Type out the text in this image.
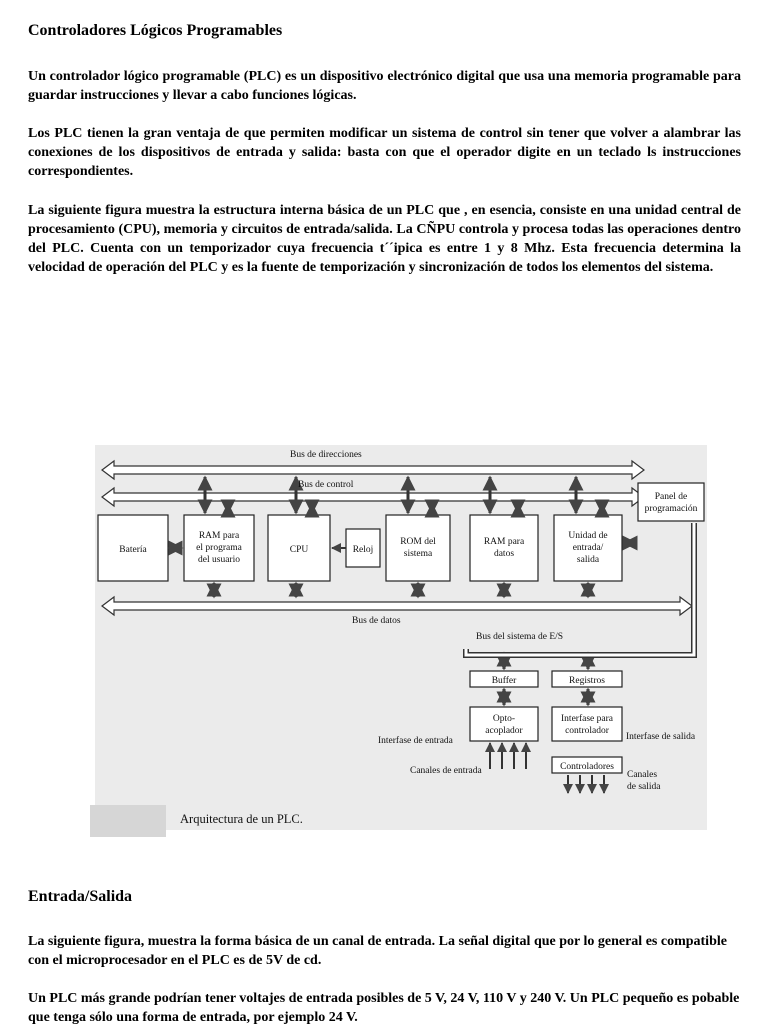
Controladores Lógicos Programables

Un controlador lógico programable (PLC) es un dispositivo electrónico digital que usa una memoria programable para guardar instrucciones y llevar a cabo funciones lógicas.

Los PLC tienen la gran ventaja de que permiten modificar un sistema de control sin tener que volver a alambrar las conexiones de los dispositivos de entrada y salida: basta con que el operador digite en un teclado ls instrucciones correspondientes.

La siguiente figura muestra la estructura interna básica de un PLC que , en esencia, consiste en una unidad central de procesamiento (CPU), memoria y circuitos de entrada/salida. La CÑPU controla y procesa todas las operaciones dentro del PLC. Cuenta con un temporizador cuya frecuencia t´´ipica es entre 1 y 8 Mhz. Esta frecuencia determina la velocidad de operación del PLC y es la fuente de temporización y sincronización de todos los elementos del sistema.

Bus de direcciones
Bus de control
Bus de datos
Bus del sistema de E/S
Batería
RAM para
el programa
del usuario
CPU	Reloj
ROM del
sistema
RAM para
datos
Unidad de
entrada/
salida
Panel de
programación
Buffer	Registros
Opto-
acoplador
Interfase para
controlador
Controladores
Interfase de entrada	Interfase de salida
Canales de entrada	Canales
de salida
Arquitectura de un PLC.
Entrada/Salida

La siguiente figura, muestra la forma básica de un canal de entrada. La señal digital que por lo general es compatible con el microprocesador en el PLC es de 5V de cd.

Un PLC más grande podrían tener voltajes de entrada posibles de 5 V, 24 V, 110 V y 240 V. Un PLC pequeño es pobable que tenga sólo una forma de entrada, por ejemplo 24 V.
